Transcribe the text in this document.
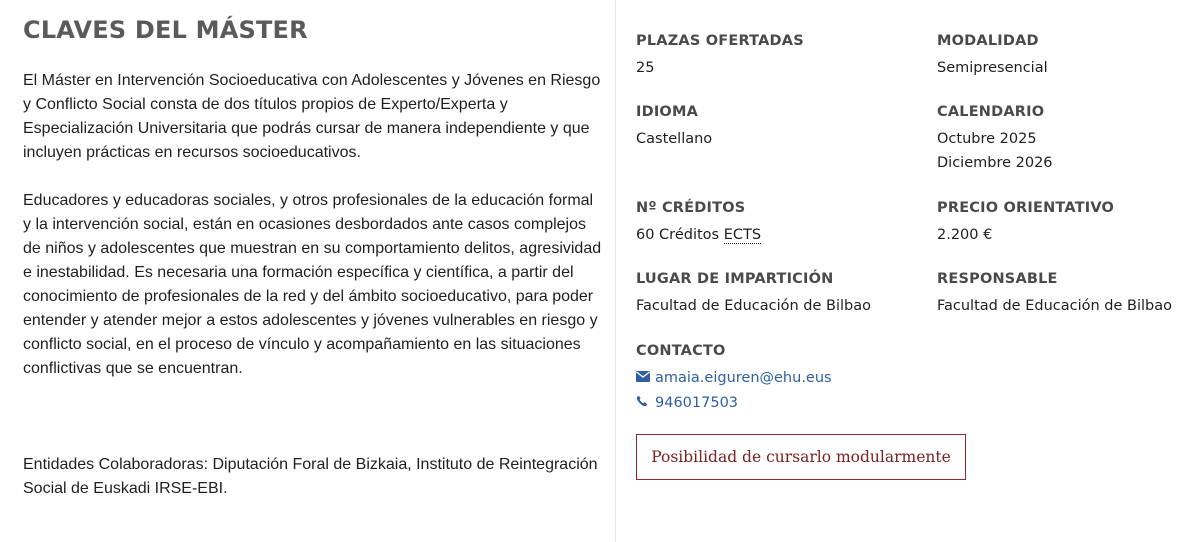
CLAVES DEL MÁSTER

El Máster en Intervención Socioeducativa con Adolescentes y Jóvenes en Riesgo y Conflicto Social consta de dos títulos propios de Experto/Experta y Especialización Universitaria que podrás cursar de manera independiente y que incluyen prácticas en recursos socioeducativos.

Educadores y educadoras sociales, y otros profesionales de la educación formal y la intervención social, están en ocasiones desbordados ante casos complejos de niños y adolescentes que muestran en su comportamiento delitos, agresividad e inestabilidad. Es necesaria una formación específica y científica, a partir del conocimiento de profesionales de la red y del ámbito socioeducativo, para poder entender y atender mejor a estos adolescentes y jóvenes vulnerables en riesgo y conflicto social, en el proceso de vínculo y acompañamiento en las situaciones conflictivas que se encuentran.

Entidades Colaboradoras: Diputación Foral de Bizkaia, Instituto de Reintegración Social de Euskadi IRSE-EBI.

PLAZAS OFERTADAS
25
MODALIDAD
Semipresencial
IDIOMA
Castellano
CALENDARIO
Octubre 2025
Diciembre 2026
Nº CRÉDITOS
60 Créditos ECTS
PRECIO ORIENTATIVO
2.200 €
LUGAR DE IMPARTICIÓN
Facultad de Educación de Bilbao
RESPONSABLE
Facultad de Educación de Bilbao
CONTACTO
amaia.eiguren@ehu.eus
946017503
Posibilidad de cursarlo modularmente
